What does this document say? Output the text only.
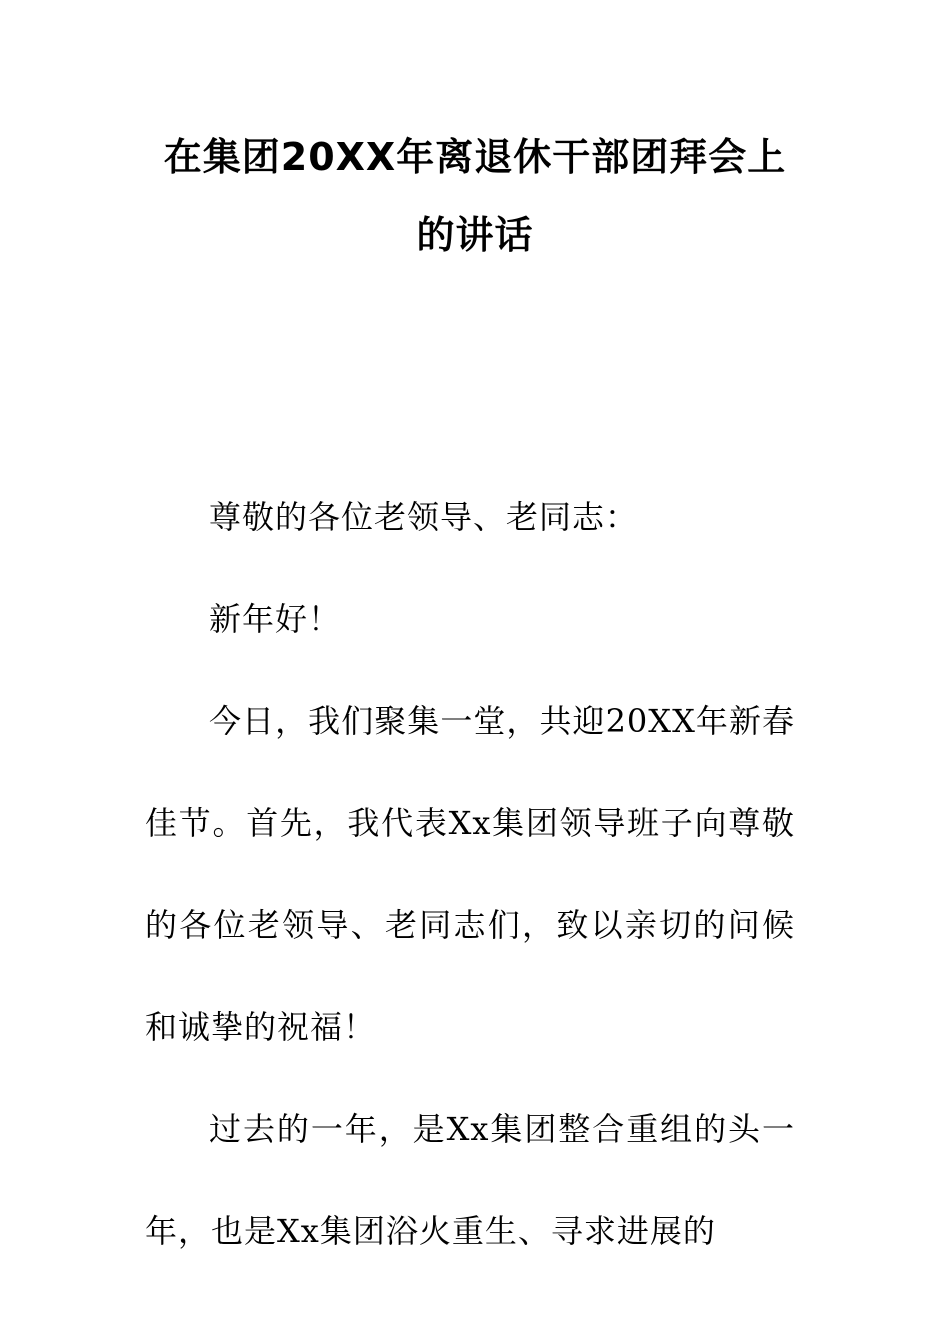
在集团20XX年离退休干部团拜会上
的讲话

尊敬的各位老领导、老同志：

新年好！

今日，我们聚集一堂，共迎20XX年新春佳节。首先，我代表Xx集团领导班子向尊敬的各位老领导、老同志们，致以亲切的问候和诚挚的祝福！

过去的一年，是Xx集团整合重组的头一年，也是Xx集团浴火重生、寻求进展的
